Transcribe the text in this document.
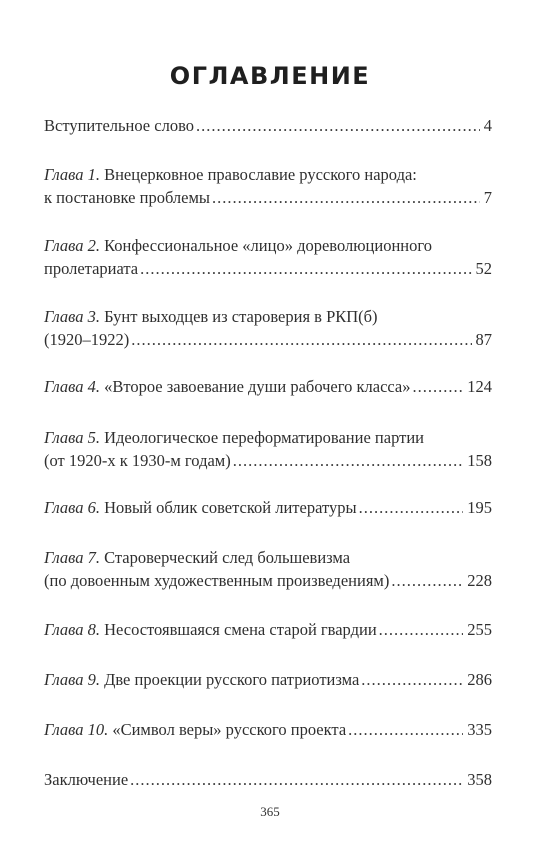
ОГЛАВЛЕНИЕ
Вступительное слово .....	4
Глава 1.
Внецерковное православие русского народа:
к постановке проблемы .....	7
Глава 2.
Конфессиональное «лицо» дореволюционного
пролетариата .....	52
Глава 3.
Бунт выходцев из староверия в РКП(б)
(1920–1922) .....	87
Глава 4.
«Второе завоевание души рабочего класса» .....	124
Глава 5.
Идеологическое переформатирование партии
(от 1920-х к 1930-м годам) .....	158
Глава 6.
Новый облик советской литературы .....	195
Глава 7.
Староверческий след большевизма
(по довоенным художественным произведениям) .....	228
Глава 8.
Несостоявшаяся смена старой гвардии .....	255
Глава 9.
Две проекции русского патриотизма .....	286
Глава 10.
«Символ веры» русского проекта .....	335
Заключение .....	358
365
